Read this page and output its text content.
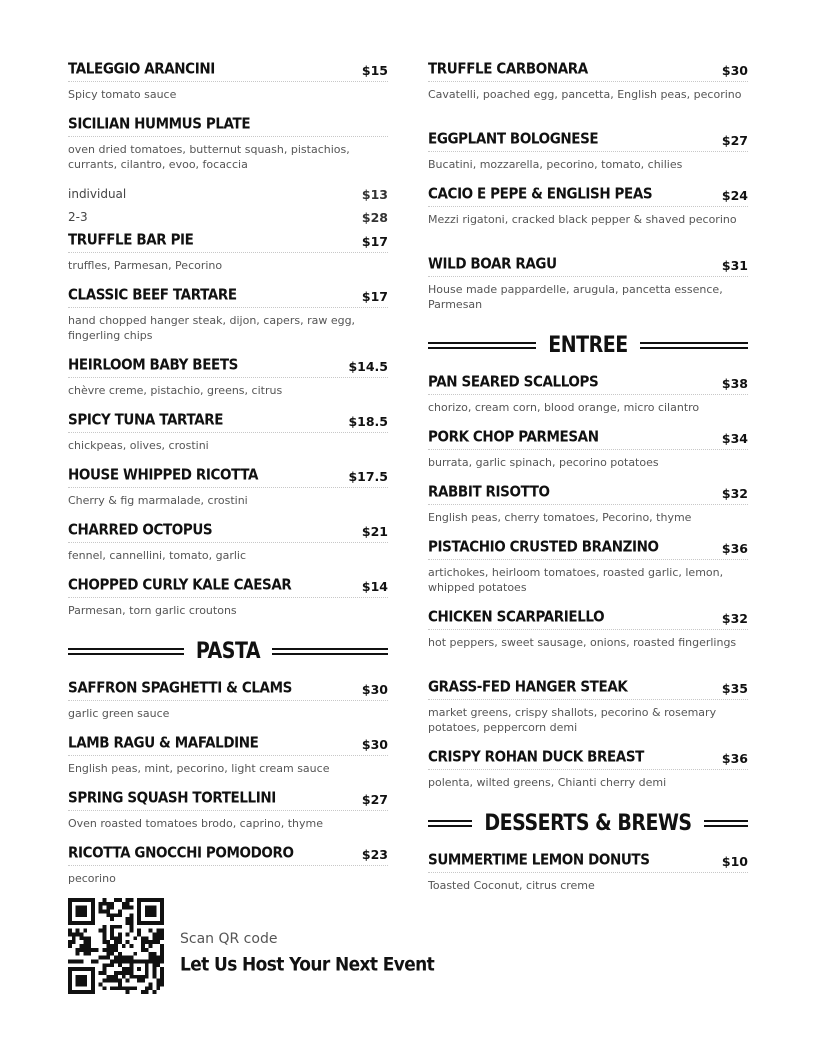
TALEGGIO ARANCINI	$15
Spicy tomato sauce
SICILIAN HUMMUS PLATE
oven dried tomatoes, butternut squash, pistachios, currants, cilantro, evoo, focaccia
individual	$13
2-3	$28
TRUFFLE BAR PIE	$17
truffles, Parmesan, Pecorino
CLASSIC BEEF TARTARE	$17
hand chopped hanger steak, dijon, capers, raw egg, fingerling chips
HEIRLOOM BABY BEETS	$14.5
chèvre creme, pistachio, greens, citrus
SPICY TUNA TARTARE	$18.5
chickpeas, olives, crostini
HOUSE WHIPPED RICOTTA	$17.5
Cherry & fig marmalade, crostini
CHARRED OCTOPUS	$21
fennel, cannellini, tomato, garlic
CHOPPED CURLY KALE CAESAR	$14
Parmesan, torn garlic croutons
PASTA
SAFFRON SPAGHETTI & CLAMS	$30
garlic green sauce
LAMB RAGU & MAFALDINE	$30
English peas, mint, pecorino, light cream sauce
SPRING SQUASH TORTELLINI	$27
Oven roasted tomatoes brodo, caprino, thyme
RICOTTA GNOCCHI POMODORO	$23
pecorino
TRUFFLE CARBONARA	$30
Cavatelli, poached egg, pancetta, English peas, pecorino
EGGPLANT BOLOGNESE	$27
Bucatini, mozzarella, pecorino, tomato, chilies
CACIO E PEPE & ENGLISH PEAS	$24
Mezzi rigatoni, cracked black pepper & shaved pecorino
WILD BOAR RAGU	$31
House made pappardelle, arugula, pancetta essence, Parmesan
ENTREE
PAN SEARED SCALLOPS	$38
chorizo, cream corn, blood orange, micro cilantro
PORK CHOP PARMESAN	$34
burrata, garlic spinach, pecorino potatoes
RABBIT RISOTTO	$32
English peas, cherry tomatoes, Pecorino, thyme
PISTACHIO CRUSTED BRANZINO	$36
artichokes, heirloom tomatoes, roasted garlic, lemon, whipped potatoes
CHICKEN SCARPARIELLO	$32
hot peppers, sweet sausage, onions, roasted fingerlings
GRASS-FED HANGER STEAK	$35
market greens, crispy shallots, pecorino & rosemary potatoes, peppercorn demi
CRISPY ROHAN DUCK BREAST	$36
polenta, wilted greens, Chianti cherry demi
DESSERTS & BREWS
SUMMERTIME LEMON DONUTS	$10
Toasted Coconut, citrus creme
Scan QR code
Let Us Host Your Next Event
